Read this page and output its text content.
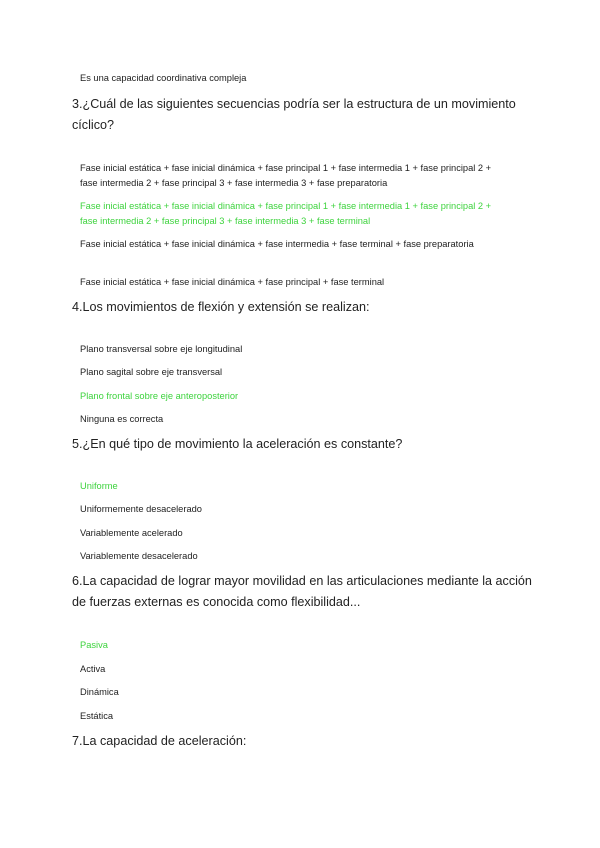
Es una capacidad coordinativa compleja

3.¿Cuál de las siguientes secuencias podría ser la estructura de un movimiento cíclico?

Fase inicial estática + fase inicial dinámica + fase principal 1 + fase intermedia 1 + fase principal 2 + fase intermedia 2 + fase principal 3 + fase intermedia 3 + fase preparatoria

Fase inicial estática + fase inicial dinámica + fase principal 1 + fase intermedia 1 + fase principal 2 + fase intermedia 2 + fase principal 3 + fase intermedia 3 + fase terminal

Fase inicial estática + fase inicial dinámica + fase intermedia + fase terminal + fase preparatoria

Fase inicial estática + fase inicial dinámica + fase principal + fase terminal

4.Los movimientos de flexión y extensión se realizan:

Plano transversal sobre eje longitudinal

Plano sagital sobre eje transversal

Plano frontal sobre eje anteroposterior

Ninguna es correcta

5.¿En qué tipo de movimiento la aceleración es constante?

Uniforme

Uniformemente desacelerado

Variablemente acelerado

Variablemente desacelerado

6.La capacidad de lograr mayor movilidad en las articulaciones mediante la acción de fuerzas externas es conocida como flexibilidad...

Pasiva

Activa

Dinámica

Estática

7.La capacidad de aceleración:
